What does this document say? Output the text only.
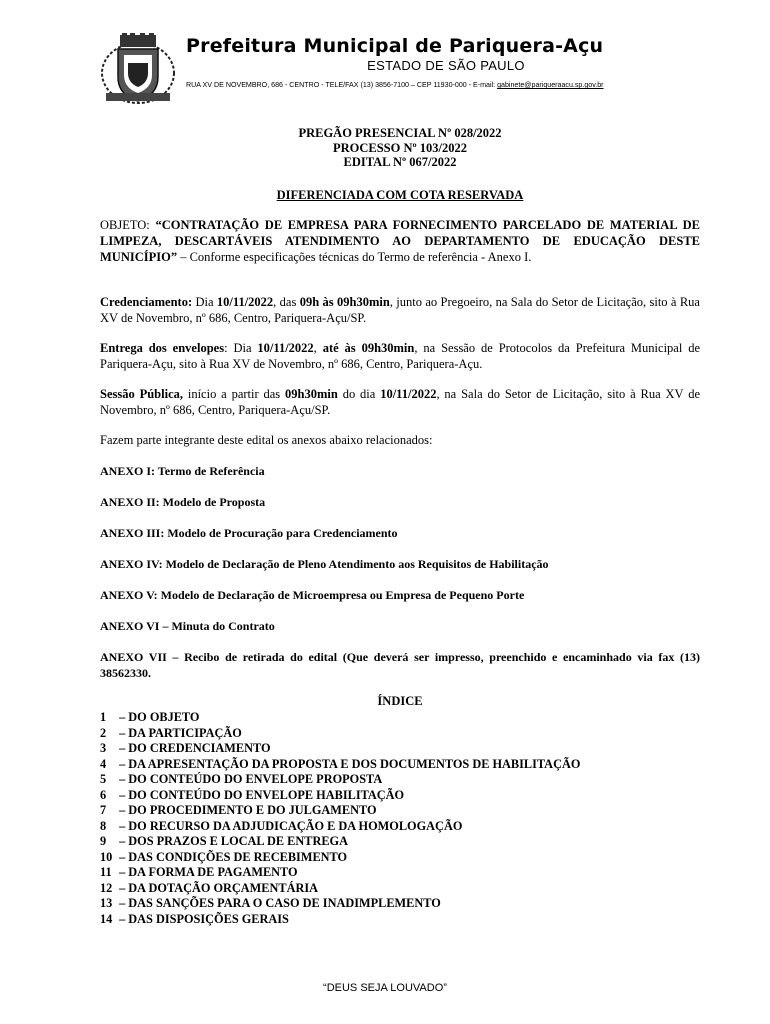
Prefeitura Municipal de Pariquera-Açu
ESTADO DE SÃO PAULO
RUA XV DE NOVEMBRO, 686 - CENTRO - TELE/FAX (13) 3856-7100 – CEP 11930-000 - E-mail: gabinete@pariqueraacu.sp.gov.br
PREGÃO PRESENCIAL Nº 028/2022
PROCESSO Nº 103/2022
EDITAL Nº 067/2022
DIFERENCIADA COM COTA RESERVADA
OBJETO: “CONTRATAÇÃO DE EMPRESA PARA FORNECIMENTO PARCELADO DE MATERIAL DE LIMPEZA, DESCARTÁVEIS ATENDIMENTO AO DEPARTAMENTO DE EDUCAÇÃO DESTE MUNICÍPIO” – Conforme especificações técnicas do Termo de referência - Anexo I.
Credenciamento: Dia 10/11/2022, das 09h às 09h30min, junto ao Pregoeiro, na Sala do Setor de Licitação, sito à Rua XV de Novembro, nº 686, Centro, Pariquera-Açu/SP.
Entrega dos envelopes: Dia 10/11/2022, até às 09h30min, na Sessão de Protocolos da Prefeitura Municipal de Pariquera-Açu, sito à Rua XV de Novembro, nº 686, Centro, Pariquera-Açu.
Sessão Pública, início a partir das 09h30min do dia 10/11/2022, na Sala do Setor de Licitação, sito à Rua XV de Novembro, nº 686, Centro, Pariquera-Açu/SP.
Fazem parte integrante deste edital os anexos abaixo relacionados:
ANEXO I: Termo de Referência
ANEXO II: Modelo de Proposta
ANEXO III: Modelo de Procuração para Credenciamento
ANEXO IV: Modelo de Declaração de Pleno Atendimento aos Requisitos de Habilitação
ANEXO V: Modelo de Declaração de Microempresa ou Empresa de Pequeno Porte
ANEXO VI – Minuta do Contrato
ANEXO VII – Recibo de retirada do edital (Que deverá ser impresso, preenchido e encaminhado via fax (13) 38562330.
ÍNDICE
1 – DO OBJETO
2 – DA PARTICIPAÇÃO
3 – DO CREDENCIAMENTO
4 – DA APRESENTAÇÃO DA PROPOSTA E DOS DOCUMENTOS DE HABILITAÇÃO
5 – DO CONTEÚDO DO ENVELOPE PROPOSTA
6 – DO CONTEÚDO DO ENVELOPE HABILITAÇÃO
7 – DO PROCEDIMENTO E DO JULGAMENTO
8 – DO RECURSO DA ADJUDICAÇÃO E DA HOMOLOGAÇÃO
9 – DOS PRAZOS E LOCAL DE ENTREGA
10 – DAS CONDIÇÕES DE RECEBIMENTO
11 – DA FORMA DE PAGAMENTO
12 – DA DOTAÇÃO ORÇAMENTÁRIA
13 – DAS SANÇÕES PARA O CASO DE INADIMPLEMENTO
14 – DAS DISPOSIÇÕES GERAIS
“DEUS SEJA LOUVADO”
